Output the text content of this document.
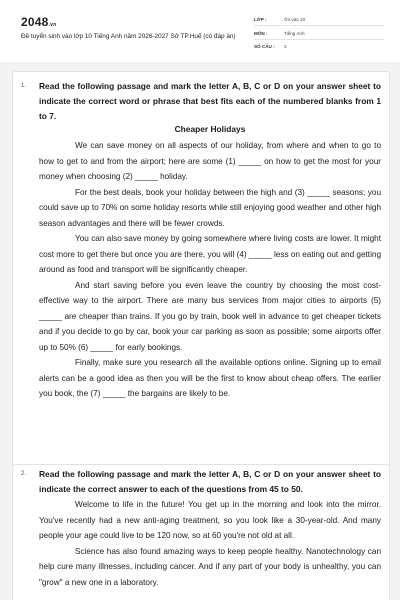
2048.vn
Đề tuyển sinh vào lớp 10 Tiếng Anh năm 2026-2027 Sở TP.Huế (có đáp án)
LỚP :	Ôn vào 10
MÔN :	Tiếng Anh
SỐ CÂU : 2
1. Read the following passage and mark the letter A, B, C or D on your answer sheet to indicate the correct word or phrase that best fits each of the numbered blanks from 1 to 7.
Cheaper Holidays

We can save money on all aspects of our holiday, from where and when to go to how to get to and from the airport; here are some (1) _____ on how to get the most for your money when choosing (2) _____ holiday.

For the best deals, book your holiday between the high and (3) _____ seasons; you could save up to 70% on some holiday resorts while still enjoying good weather and other high season advantages and there will be fewer crowds.

You can also save money by going somewhere where living costs are lower. It might cost more to get there but once you are there, you will (4) _____ less on eating out and getting around as food and transport will be significantly cheaper.

And start saving before you even leave the country by choosing the most cost-effective way to the airport. There are many bus services from major cities to airports (5) _____ are cheaper than trains. If you go by train, book well in advance to get cheaper tickets and if you decide to go by car, book your car parking as soon as possible; some airports offer up to 50% (6) _____ for early bookings.

Finally, make sure you research all the available options online. Signing up to email alerts can be a good idea as then you will be the first to know about cheap offers. The earlier you book, the (7) _____ the bargains are likely to be.

2. Read the following passage and mark the letter A, B, C or D on your answer sheet to indicate the correct answer to each of the questions from 45 to 50.

Welcome to life in the future! You get up in the morning and look into the mirror. You've recently had a new anti-aging treatment, so you look like a 30-year-old. And many people your age could live to be 120 now, so at 60 you're not old at all.

Science has also found amazing ways to keep people healthy. Nanotechnology can help cure many illnesses, including cancer. And if any part of your body is unhealthy, you can "grow" a new one in a laboratory.
